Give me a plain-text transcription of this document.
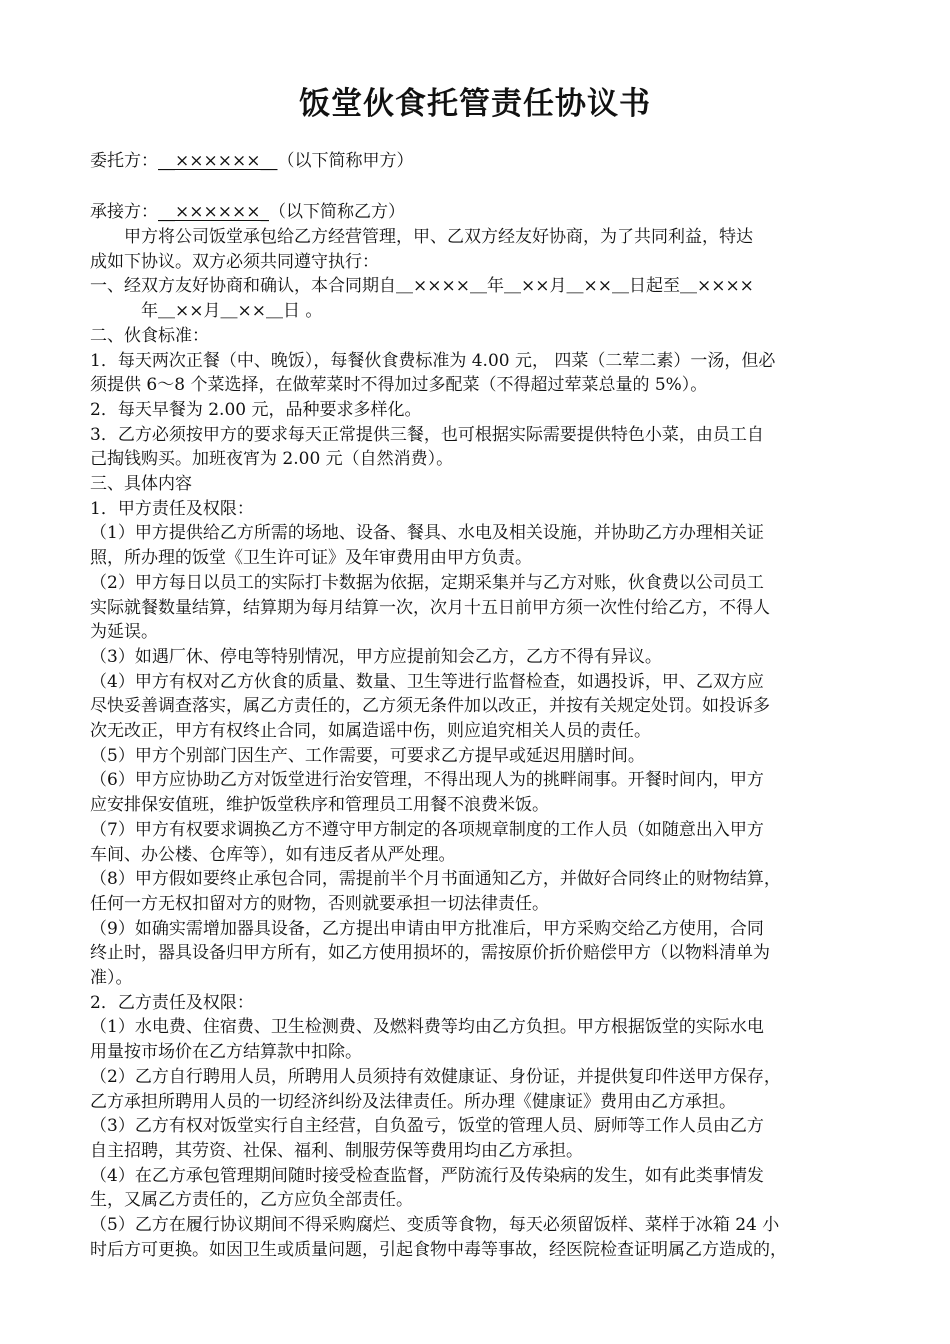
饭堂伙食托管责任协议书
委托方：__××××××__（以下简称甲方）
承接方：__××××××_（以下简称乙方）
　　甲方将公司饭堂承包给乙方经营管理，甲、乙双方经友好协商，为了共同利益，特达
成如下协议。双方必须共同遵守执行：
一、经双方友好协商和确认，本合同期自＿××××＿年＿××月＿××＿日起至＿××××
　　　年＿××月＿××＿日 。
二、伙食标准：
1．每天两次正餐（中、晚饭），每餐伙食费标准为 4.00 元， 四菜（二荤二素）一汤，但必
须提供 6～8 个菜选择，在做荤菜时不得加过多配菜（不得超过荤菜总量的 5%）。
2．每天早餐为 2.00 元，品种要求多样化。
3．乙方必须按甲方的要求每天正常提供三餐，也可根据实际需要提供特色小菜，由员工自
己掏钱购买。加班夜宵为 2.00 元（自然消费）。
三、具体内容
1．甲方责任及权限：
（1）甲方提供给乙方所需的场地、设备、餐具、水电及相关设施，并协助乙方办理相关证
照，所办理的饭堂《卫生许可证》及年审费用由甲方负责。
（2）甲方每日以员工的实际打卡数据为依据，定期采集并与乙方对账，伙食费以公司员工
实际就餐数量结算，结算期为每月结算一次，次月十五日前甲方须一次性付给乙方，不得人
为延误。
（3）如遇厂休、停电等特别情况，甲方应提前知会乙方，乙方不得有异议。
（4）甲方有权对乙方伙食的质量、数量、卫生等进行监督检查，如遇投诉，甲、乙双方应
尽快妥善调查落实，属乙方责任的，乙方须无条件加以改正，并按有关规定处罚。如投诉多
次无改正，甲方有权终止合同，如属造谣中伤，则应追究相关人员的责任。
（5）甲方个别部门因生产、工作需要，可要求乙方提早或延迟用膳时间。
（6）甲方应协助乙方对饭堂进行治安管理，不得出现人为的挑畔闹事。开餐时间内，甲方
应安排保安值班，维护饭堂秩序和管理员工用餐不浪费米饭。
（7）甲方有权要求调换乙方不遵守甲方制定的各项规章制度的工作人员（如随意出入甲方
车间、办公楼、仓库等），如有违反者从严处理。
（8）甲方假如要终止承包合同，需提前半个月书面通知乙方，并做好合同终止的财物结算，
任何一方无权扣留对方的财物，否则就要承担一切法律责任。
（9）如确实需增加器具设备，乙方提出申请由甲方批准后，甲方采购交给乙方使用，合同
终止时，器具设备归甲方所有，如乙方使用损坏的，需按原价折价赔偿甲方（以物料清单为
准）。
2．乙方责任及权限：
（1）水电费、住宿费、卫生检测费、及燃料费等均由乙方负担。甲方根据饭堂的实际水电
用量按市场价在乙方结算款中扣除。
（2）乙方自行聘用人员，所聘用人员须持有效健康证、身份证，并提供复印件送甲方保存，
乙方承担所聘用人员的一切经济纠纷及法律责任。所办理《健康证》费用由乙方承担。
（3）乙方有权对饭堂实行自主经营，自负盈亏，饭堂的管理人员、厨师等工作人员由乙方
自主招聘，其劳资、社保、福利、制服劳保等费用均由乙方承担。
（4）在乙方承包管理期间随时接受检查监督，严防流行及传染病的发生，如有此类事情发
生，又属乙方责任的，乙方应负全部责任。
（5）乙方在履行协议期间不得采购腐烂、变质等食物，每天必须留饭样、菜样于冰箱 24 小
时后方可更换。如因卫生或质量问题，引起食物中毒等事故，经医院检查证明属乙方造成的，
